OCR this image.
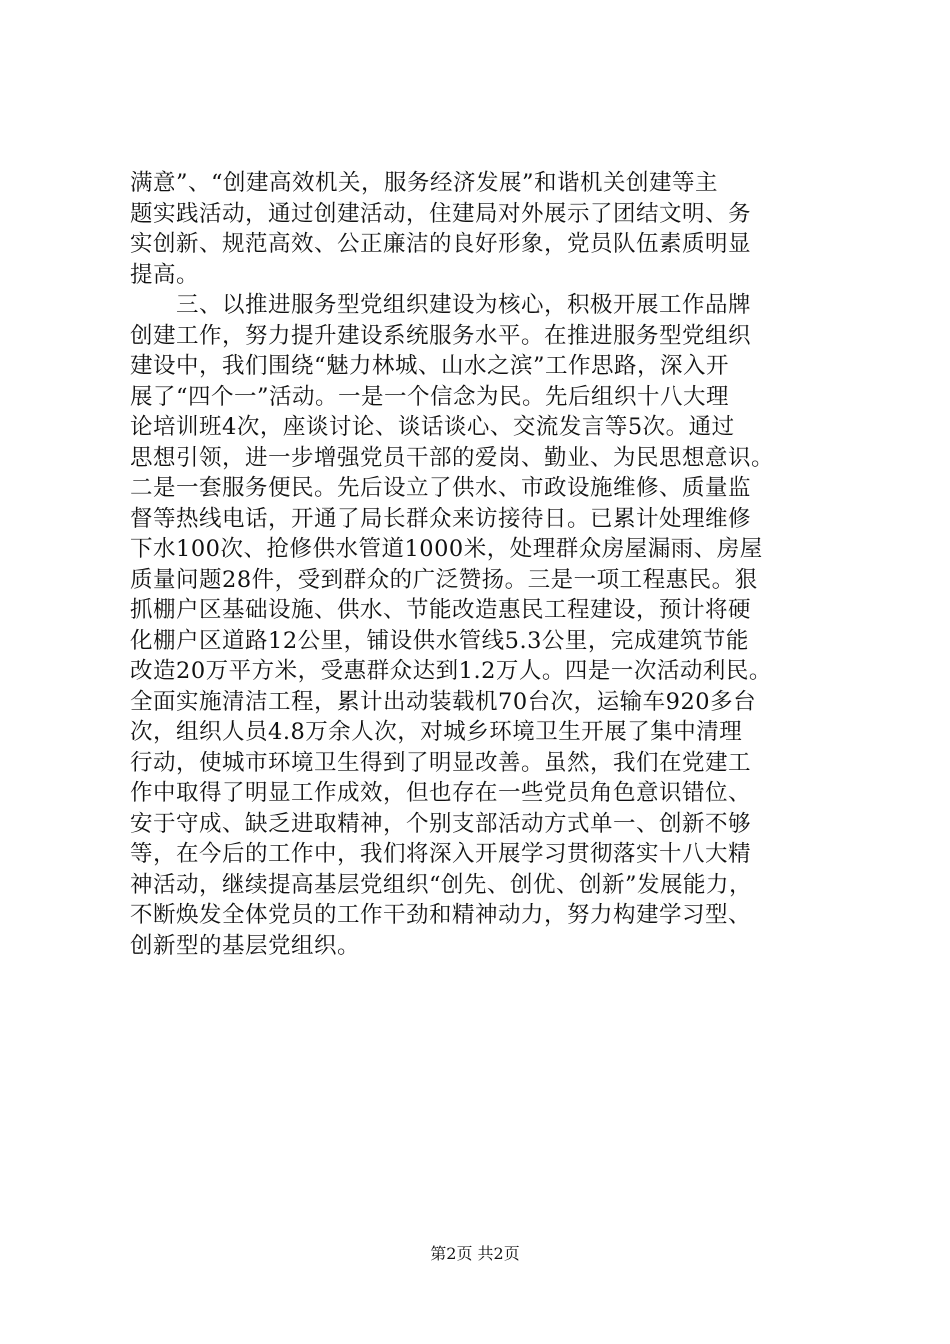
满意”、“创建高效机关，服务经济发展”和谐机关创建等主
题实践活动，通过创建活动，住建局对外展示了团结文明、务
实创新、规范高效、公正廉洁的良好形象，党员队伍素质明显
提高。
　　三、以推进服务型党组织建设为核心，积极开展工作品牌
创建工作，努力提升建设系统服务水平。在推进服务型党组织
建设中，我们围绕“魅力林城、山水之滨”工作思路，深入开
展了“四个一”活动。一是一个信念为民。先后组织十八大理
论培训班4次，座谈讨论、谈话谈心、交流发言等5次。通过
思想引领，进一步增强党员干部的爱岗、勤业、为民思想意识。
二是一套服务便民。先后设立了供水、市政设施维修、质量监
督等热线电话，开通了局长群众来访接待日。已累计处理维修
下水100次、抢修供水管道1000米，处理群众房屋漏雨、房屋
质量问题28件，受到群众的广泛赞扬。三是一项工程惠民。狠
抓棚户区基础设施、供水、节能改造惠民工程建设，预计将硬
化棚户区道路12公里，铺设供水管线5.3公里，完成建筑节能
改造20万平方米，受惠群众达到1.2万人。四是一次活动利民。
全面实施清洁工程，累计出动装载机70台次，运输车920多台
次，组织人员4.8万余人次，对城乡环境卫生开展了集中清理
行动，使城市环境卫生得到了明显改善。虽然，我们在党建工
作中取得了明显工作成效，但也存在一些党员角色意识错位、
安于守成、缺乏进取精神，个别支部活动方式单一、创新不够
等，在今后的工作中，我们将深入开展学习贯彻落实十八大精
神活动，继续提高基层党组织“创先、创优、创新”发展能力，
不断焕发全体党员的工作干劲和精神动力，努力构建学习型、
创新型的基层党组织。
第2页 共2页
